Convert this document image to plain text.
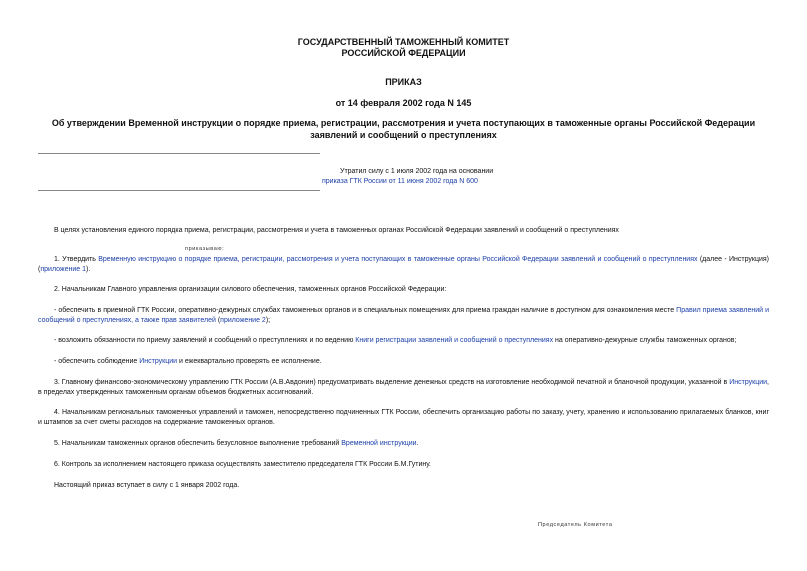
ГОСУДАРСТВЕННЫЙ ТАМОЖЕННЫЙ КОМИТЕТ
РОССИЙСКОЙ ФЕДЕРАЦИИ
ПРИКАЗ
от 14 февраля 2002 года N 145
Об утверждении Временной инструкции о порядке приема, регистрации, рассмотрения и учета поступающих в таможенные органы Российской Федерации заявлений и сообщений о преступлениях
Утратил силу с 1 июля 2002 года на основании
приказа ГТК России от 11 июня 2002 года N 600
В целях установления единого порядка приема, регистрации, рассмотрения и учета в таможенных органах Российской Федерации заявлений и сообщений о преступлениях
приказываю:
1. Утвердить Временную инструкцию о порядке приема, регистрации, рассмотрения и учета поступающих в таможенные органы Российской Федерации заявлений и сообщений о преступлениях (далее - Инструкция) (приложение 1).
2. Начальникам Главного управления организации силового обеспечения, таможенных органов Российской Федерации:
- обеспечить в приемной ГТК России, оперативно-дежурных службах таможенных органов и в специальных помещениях для приема граждан наличие в доступном для ознакомления месте Правил приема заявлений и сообщений о преступлениях, а также прав заявителей (приложение 2);
- возложить обязанности по приему заявлений и сообщений о преступлениях и по ведению Книги регистрации заявлений и сообщений о преступлениях на оперативно-дежурные службы таможенных органов;
- обеспечить соблюдение Инструкции и ежеквартально проверять ее исполнение.
3. Главному финансово-экономическому управлению ГТК России (А.В.Авдонин) предусматривать выделение денежных средств на изготовление необходимой печатной и бланочной продукции, указанной в Инструкции, в пределах утвержденных таможенным органам объемов бюджетных ассигнований.
4. Начальникам региональных таможенных управлений и таможен, непосредственно подчиненных ГТК России, обеспечить организацию работы по заказу, учету, хранению и использованию прилагаемых бланков, книг и штампов за счет сметы расходов на содержание таможенных органов.
5. Начальникам таможенных органов обеспечить безусловное выполнение требований Временной инструкции.
6. Контроль за исполнением настоящего приказа осуществлять заместителю председателя ГТК России Б.М.Гутину.
Настоящий приказ вступает в силу с 1 января 2002 года.
Председатель Комитета
